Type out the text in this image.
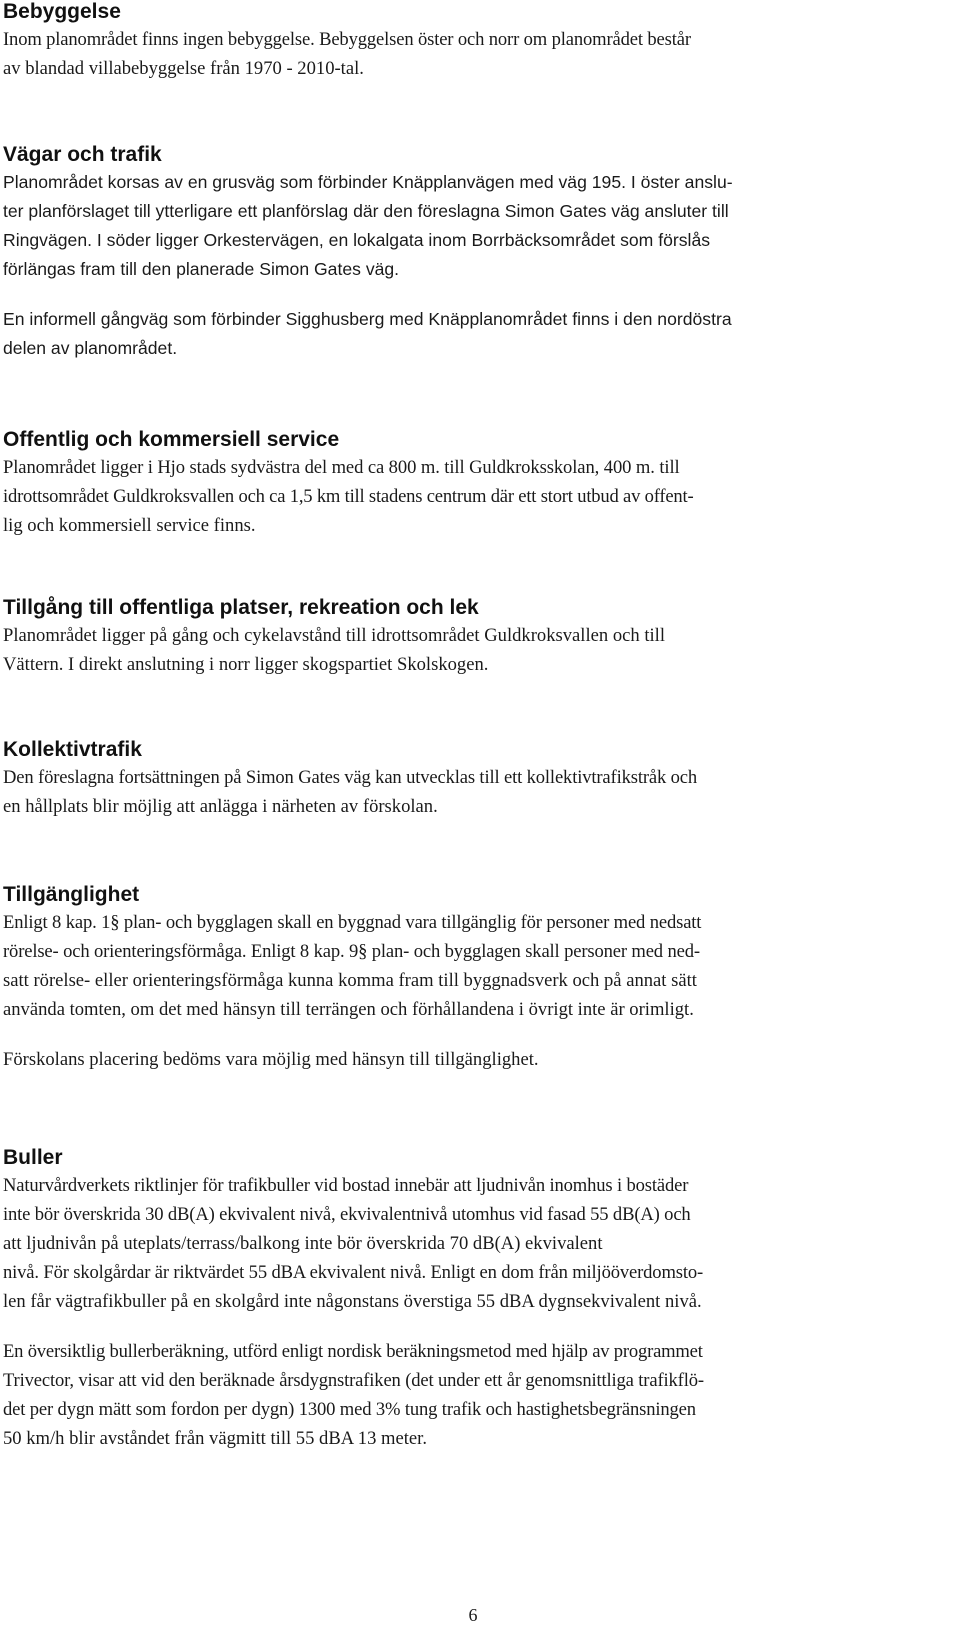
Bebyggelse

Inom planområdet finns ingen bebyggelse. Bebyggelsen öster och norr om planområdet består
av blandad villabebyggelse från 1970 - 2010-tal.

Vägar och trafik

Planområdet korsas av en grusväg som förbinder Knäpplanvägen med väg 195. I öster anslu-
ter planförslaget till ytterligare ett planförslag där den föreslagna Simon Gates väg ansluter till
Ringvägen. I söder ligger Orkestervägen, en lokalgata inom Borrbäcksområdet som förslås
förlängas fram till den planerade Simon Gates väg.

En informell gångväg som förbinder Sigghusberg med Knäpplanområdet finns i den nordöstra
delen av planområdet.

Offentlig och kommersiell service

Planområdet ligger i Hjo stads sydvästra del med ca 800 m. till Guldkroksskolan, 400 m. till
idrottsområdet Guldkroksvallen och ca 1,5 km till stadens centrum där ett stort utbud av offent-
lig och kommersiell service finns.

Tillgång till offentliga platser, rekreation och lek

Planområdet ligger på gång och cykelavstånd till idrottsområdet Guldkroksvallen och till
Vättern. I direkt anslutning i norr ligger skogspartiet Skolskogen.

Kollektivtrafik

Den föreslagna fortsättningen på Simon Gates väg kan utvecklas till ett kollektivtrafikstråk och
en hållplats blir möjlig att anlägga i närheten av förskolan.

Tillgänglighet

Enligt 8 kap. 1§ plan- och bygglagen skall en byggnad vara tillgänglig för personer med nedsatt
rörelse- och orienteringsförmåga. Enligt 8 kap. 9§ plan- och bygglagen skall personer med ned-
satt rörelse- eller orienteringsförmåga kunna komma fram till byggnadsverk och på annat sätt
använda tomten, om det med hänsyn till terrängen och förhållandena i övrigt inte är orimligt.

Förskolans placering bedöms vara möjlig med hänsyn till tillgänglighet.

Buller

Naturvårdverkets riktlinjer för trafikbuller vid bostad innebär att ljudnivån inomhus i bostäder
inte bör överskrida 30 dB(A) ekvivalent nivå, ekvivalentnivå utomhus vid fasad 55 dB(A) och
att ljudnivån på uteplats/terrass/balkong inte bör överskrida 70 dB(A) ekvivalent
nivå. För skolgårdar är riktvärdet 55 dBA ekvivalent nivå. Enligt en dom från miljööverdomsto-
len får vägtrafikbuller på en skolgård inte någonstans överstiga 55 dBA dygnsekvivalent nivå.

En översiktlig bullerberäkning, utförd enligt nordisk beräkningsmetod med hjälp av programmet
Trivector, visar att vid den beräknade årsdygnstrafiken (det under ett år genomsnittliga trafikflö-
det per dygn mätt som fordon per dygn) 1300 med 3% tung trafik och hastighetsbegränsningen
50 km/h blir avståndet från vägmitt till 55 dBA 13 meter.

6
